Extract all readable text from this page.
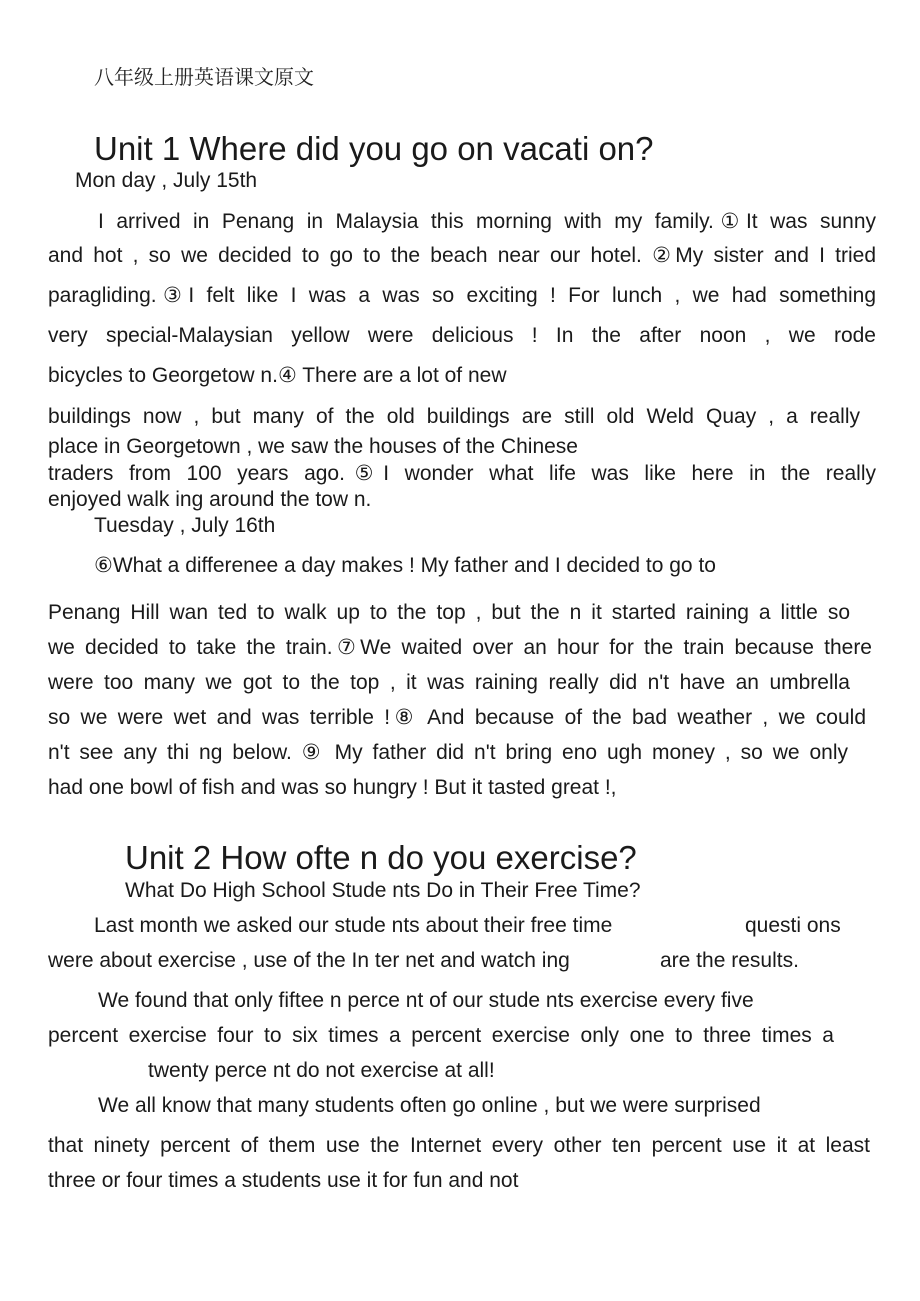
八年级上册英语课文原文
Unit 1 Where did you go on vacati on?
Mon day , July 15th
I arrived in Penang in Malaysia this morning with my family.①It was sunny
and hot , so we decided to go to the beach near our hotel. ②My sister and I tried
paragliding.③I felt like I was a was so exciting ! For lunch , we had something
very special-Malaysian yellow were delicious ! In the after noon , we rode
bicycles to Georgetow n.④ There are a lot of new
buildings now , but many of the old buildings are still old Weld Quay , a really
place in Georgetown , we saw the houses of the Chinese
traders from 100 years ago.⑤I wonder what life was like here in the really
enjoyed walk ing around the tow n.
Tuesday , July 16th
⑥What a differenee a day makes ! My father and I decided to go to
Penang Hill wan ted to walk up to the top , but the n it started raining a little so
we decided to take the train.⑦We waited over an hour for the train because there
were too many we got to the top , it was raining really did n't have an umbrella
so we were wet and was terrible !⑧ And because of the bad weather , we could
n't see any thi ng below. ⑨ My father did n't bring eno ugh money , so we only
had one bowl of fish and was so hungry ! But it tasted great !,
Unit 2 How ofte n do you exercise?
What Do High School Stude nts Do in Their Free Time?
Last month we asked our stude nts about their free time	questi ons
were about exercise , use of the In ter net and watch ing	are the results.
We found that only fiftee n perce nt of our stude nts exercise every five
percent exercise four to six times a percent exercise only one to three times a
twenty perce nt do not exercise at all!
We all know that many students often go online , but we were surprised
that ninety percent of them use the Internet every other ten percent use it at least
three or four times a students use it for fun and not
